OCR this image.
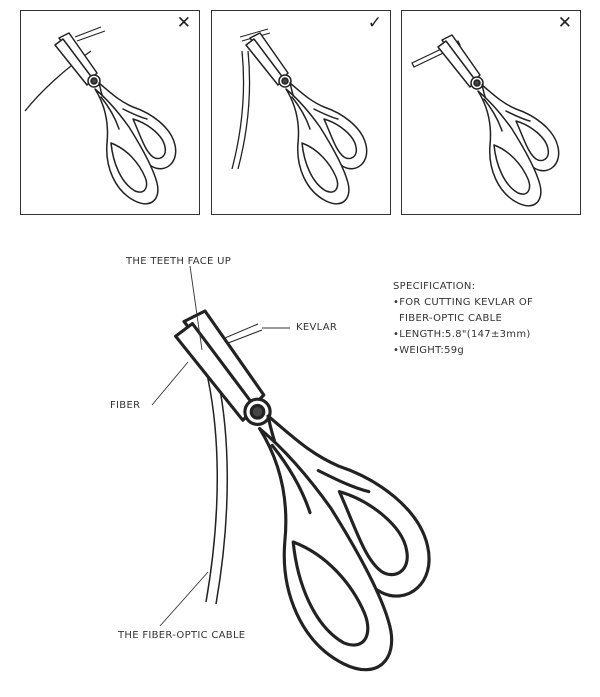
✕	✓	✕
THE TEETH FACE UP
KEVLAR
FIBER
THE FIBER-OPTIC CABLE
SPECIFICATION:
•FOR CUTTING KEVLAR OF
FIBER-OPTIC CABLE
•LENGTH:5.8"(147±3mm)
•WEIGHT:59g
